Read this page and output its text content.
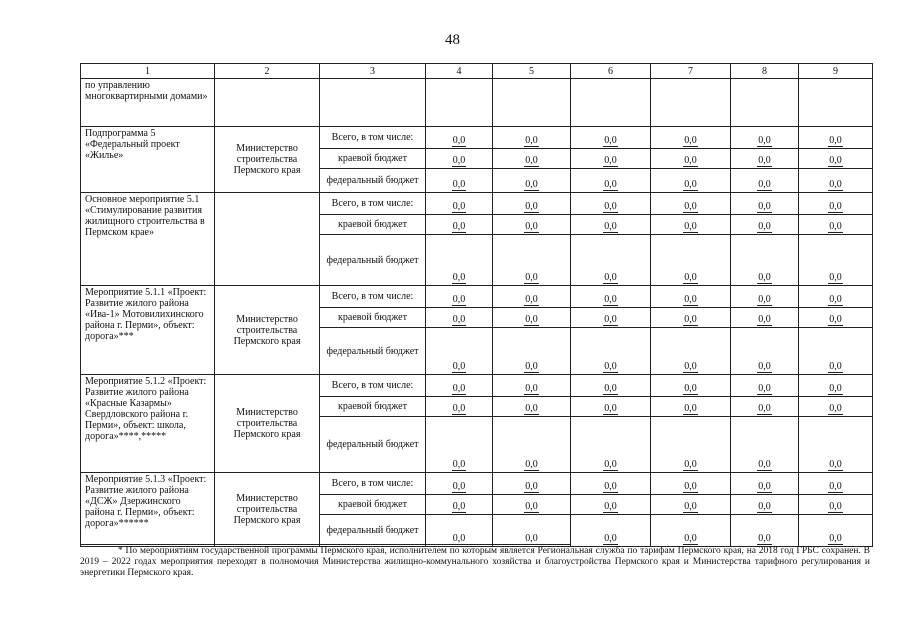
48
1	2	3	4	5	6	7	8	9
по управлению многоквартирными домами»								
Подпрограмма 5 «Федеральный проект «Жилье»	Министерство строительства Пермского края	Всего, в том числе:	0,0	0,0	0,0	0,0	0,0	0,0
		краевой бюджет	0,0	0,0	0,0	0,0	0,0	0,0
		федеральный бюджет	0,0	0,0	0,0	0,0	0,0	0,0
Основное мероприятие 5.1 «Стимулирование развития жилищного строительства в Пермском крае»		Всего, в том числе:	0,0	0,0	0,0	0,0	0,0	0,0
		краевой бюджет	0,0	0,0	0,0	0,0	0,0	0,0
		федеральный бюджет	0,0	0,0	0,0	0,0	0,0	0,0
Мероприятие 5.1.1 «Проект: Развитие жилого района «Ива-1» Мотовилихинского района г. Перми», объект: дорога»***	Министерство строительства Пермского края	Всего, в том числе:	0,0	0,0	0,0	0,0	0,0	0,0
		краевой бюджет	0,0	0,0	0,0	0,0	0,0	0,0
		федеральный бюджет	0,0	0,0	0,0	0,0	0,0	0,0
Мероприятие 5.1.2 «Проект: Развитие жилого района «Красные Казармы» Свердловского района г. Перми», объект: школа, дорога»****,*****	Министерство строительства Пермского края	Всего, в том числе:	0,0	0,0	0,0	0,0	0,0	0,0
		краевой бюджет	0,0	0,0	0,0	0,0	0,0	0,0
		федеральный бюджет	0,0	0,0	0,0	0,0	0,0	0,0
Мероприятие 5.1.3 «Проект: Развитие жилого района «ДСЖ» Дзержинского района г. Перми», объект: дорога»******	Министерство строительства Пермского края	Всего, в том числе:	0,0	0,0	0,0	0,0	0,0	0,0
		краевой бюджет	0,0	0,0	0,0	0,0	0,0	0,0
		федеральный бюджет	0,0	0,0	0,0	0,0	0,0	0,0
* По мероприятиям государственной программы Пермского края, исполнителем по которым является Региональная служба по тарифам Пермского края, на 2018 год ГРБС сохранен. В 2019 – 2022 годах мероприятия переходят в полномочия Министерства жилищно-коммунального хозяйства и благоустройства Пермского края и Министерства тарифного регулирования и энергетики Пермского края.
